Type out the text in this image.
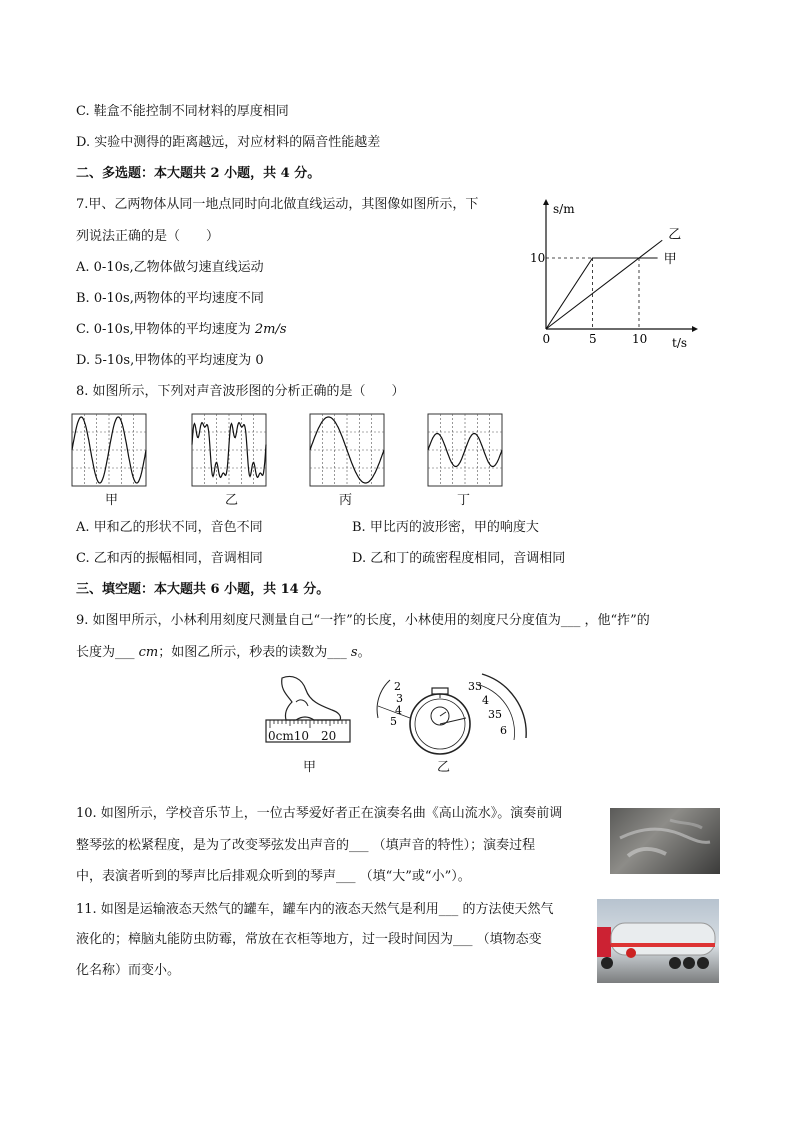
C. 鞋盒不能控制不同材料的厚度相同
D. 实验中测得的距离越远，对应材料的隔音性能越差
二、多选题：本大题共 2 小题，共 4 分。
7.甲、乙两物体从同一地点同时向北做直线运动，其图像如图所示，下
列说法正确的是（　　）
A. 0-10s,乙物体做匀速直线运动
B. 0-10s,两物体的平均速度不同
C. 0-10s,甲物体的平均速度为 2m/s
D. 5-10s,甲物体的平均速度为 0
8. 如图所示，下列对声音波形图的分析正确的是（　　）
A. 甲和乙的形状不同，音色不同	B. 甲比丙的波形密，甲的响度大
C. 乙和丙的振幅相同，音调相同	D. 乙和丁的疏密程度相同，音调相同
三、填空题：本大题共 6 小题，共 14 分。
9. 如图甲所示，小林利用刻度尺测量自己“一拃”的长度，小林使用的刻度尺分度值为___ ，他“拃”的
长度为___ cm；如图乙所示，秒表的读数为___ s。
10. 如图所示，学校音乐节上，一位古琴爱好者正在演奏名曲《高山流水》。演奏前调
整琴弦的松紧程度，是为了改变琴弦发出声音的___ （填声音的特性）；演奏过程
中，表演者听到的琴声比后排观众听到的琴声___ （填“大”或“小”）。
11. 如图是运输液态天然气的罐车，罐车内的液态天然气是利用___ 的方法使天然气
液化的；樟脑丸能防虫防霉，常放在衣柜等地方，过一段时间因为___ （填物态变
化名称）而变小。
s/m
t/s
0	5	10
10	甲
乙
甲	乙	丙	丁
0cm10　20
甲
2
3
4
5
33
4
35
6
乙
